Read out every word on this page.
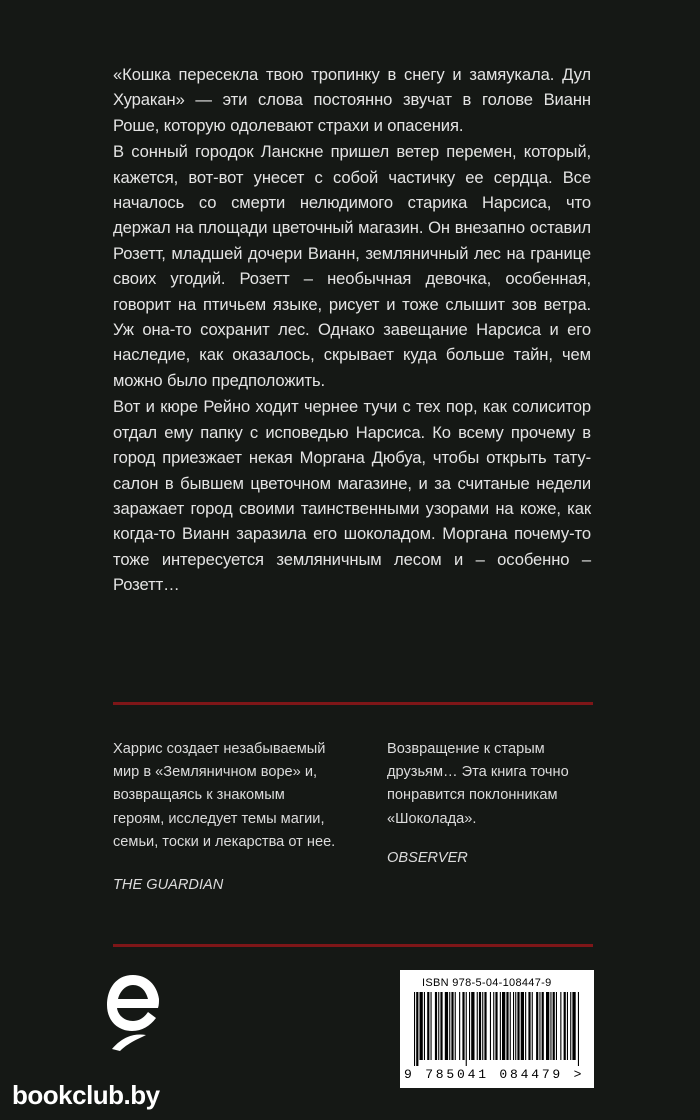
«Кошка пересекла твою тропинку в снегу и замяукала. Дул Хуракан» — эти слова постоянно звучат в голове Вианн Роше, которую одолевают страхи и опасения.

В сонный городок Ланскне пришел ветер перемен, который, кажется, вот-вот унесет с собой частичку ее сердца. Все началось со смерти нелюдимого старика Нарсиса, что держал на площади цветочный магазин. Он внезапно оставил Розетт, младшей дочери Вианн, земляничный лес на границе своих угодий. Розетт – необычная девочка, особенная, говорит на птичьем языке, рисует и тоже слышит зов ветра. Уж она-то сохранит лес. Однако завещание Нарсиса и его наследие, как оказалось, скрывает куда больше тайн, чем можно было предположить.

Вот и кюре Рейно ходит чернее тучи с тех пор, как солиситор отдал ему папку с исповедью Нарсиса. Ко всему прочему в город приезжает некая Моргана Дюбуа, чтобы открыть тату-салон в бывшем цветочном магазине, и за считаные недели заражает город своими таинственными узорами на коже, как когда-то Вианн заразила его шоколадом. Моргана почему-то тоже интересуется земляничным лесом и – особенно – Розетт…

Харрис создает незабываемый мир в «Земляничном воре» и, возвращаясь к знакомым героям, исследует темы магии, семьи, тоски и лекарства от нее.
THE GUARDIAN
Возвращение к старым друзьям… Эта книга точно понравится поклонникам «Шоколада».
OBSERVER
ISBN 978-5-04-108447-9
9 785041 084479 >
bookclub.by
